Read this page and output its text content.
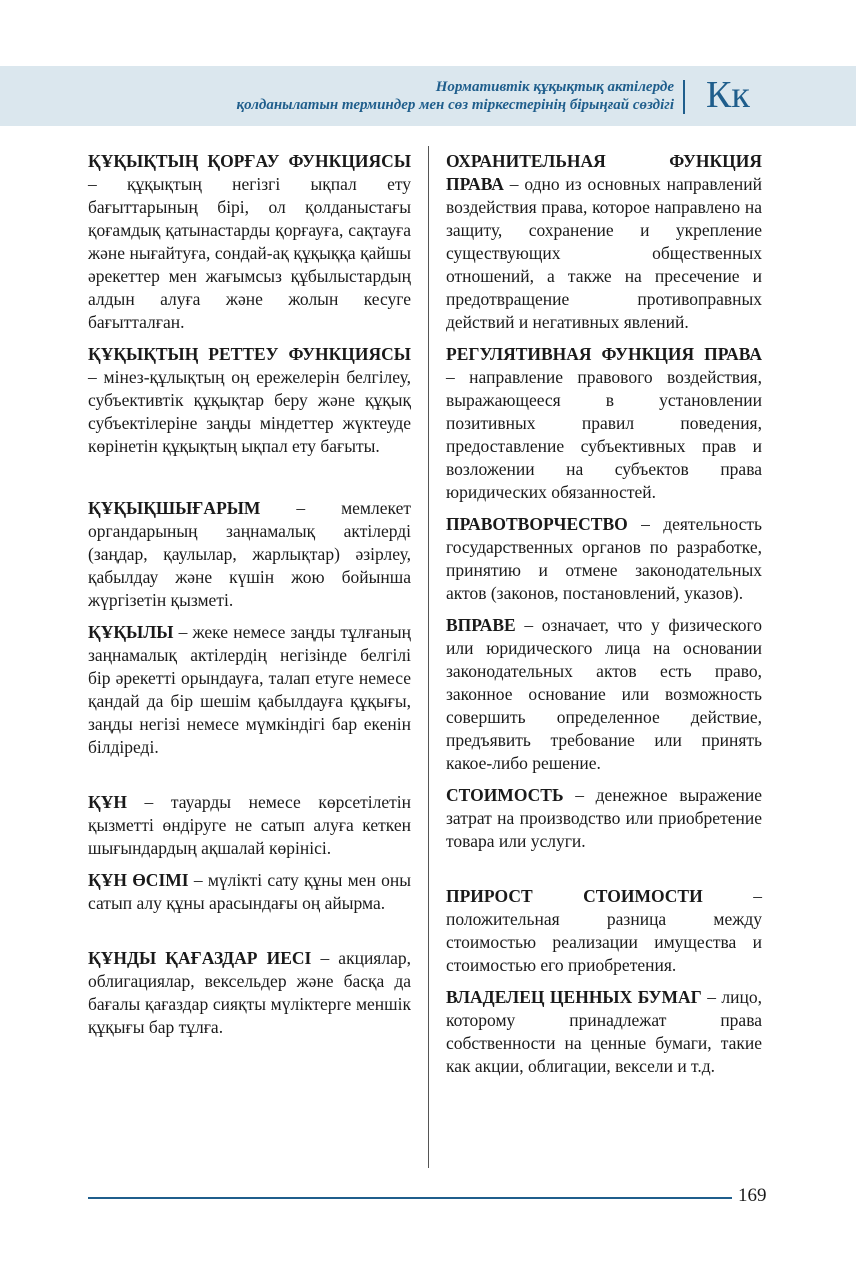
Нормативтік құқықтық актілерде
қолданылатын терминдер мен сөз тіркестерінің бірыңғай сөздігі Кк

ҚҰҚЫҚТЫҢ ҚОРҒАУ ФУНКЦИЯСЫ – құқықтың негізгі ықпал ету бағыттарының бірі, ол қолданыстағы қоғамдық қатынастарды қорғауға, сақтауға және нығайтуға, сондай-ақ құқыққа қайшы әрекеттер мен жағымсыз құбылыстардың алдын алуға және жолын кесуге бағытталған.

ҚҰҚЫҚТЫҢ РЕТТЕУ ФУНКЦИЯСЫ – мінез-құлықтың оң ережелерін белгілеу, субъективтік құқықтар беру және құқық субъектілеріне заңды міндеттер жүктеуде көрінетін құқықтың ықпал ету бағыты.

ҚҰҚЫҚШЫҒАРЫМ – мемлекет органдарының заңнамалық актілерді (заңдар, қаулылар, жарлықтар) әзірлеу, қабылдау және күшін жою бойынша жүргізетін қызметі.

ҚҰҚЫЛЫ – жеке немесе заңды тұлғаның заңнамалық актілердің негізінде белгілі бір әрекетті орындауға, талап етуге немесе қандай да бір шешім қабылдауға құқығы, заңды негізі немесе мүмкіндігі бар екенін білдіреді.

ҚҰН – тауарды немесе көрсетілетін қызметті өндіруге не сатып алуға кеткен шығындардың ақшалай көрінісі.

ҚҰН ӨСІМІ – мүлікті сату құны мен оны сатып алу құны арасындағы оң айырма.

ҚҰНДЫ ҚАҒАЗДАР ИЕСІ – акциялар, облигациялар, вексельдер және басқа да бағалы қағаздар сияқты мүліктерге меншік құқығы бар тұлға.

ОХРАНИТЕЛЬНАЯ ФУНКЦИЯ ПРАВА – одно из основных направлений воздействия права, которое направлено на защиту, сохранение и укрепление существующих общественных отношений, а также на пресечение и предотвращение противоправных действий и негативных явлений.

РЕГУЛЯТИВНАЯ ФУНКЦИЯ ПРАВА – направление правового воздействия, выражающееся в установлении позитивных правил поведения, предоставление субъективных прав и возложении на субъектов права юридических обязанностей.

ПРАВОТВОРЧЕСТВО – деятельность государственных органов по разработке, принятию и отмене законодательных актов (законов, постановлений, указов).

ВПРАВЕ – означает, что у физического или юридического лица на основании законодательных актов есть право, законное основание или возможность совершить определенное действие, предъявить требование или принять какое-либо решение.

СТОИМОСТЬ – денежное выражение затрат на производство или приобретение товара или услуги.

ПРИРОСТ СТОИМОСТИ – положительная разница между стоимостью реализации имущества и стоимостью его приобретения.

ВЛАДЕЛЕЦ ЦЕННЫХ БУМАГ – лицо, которому принадлежат права собственности на ценные бумаги, такие как акции, облигации, вексели и т.д.

169
